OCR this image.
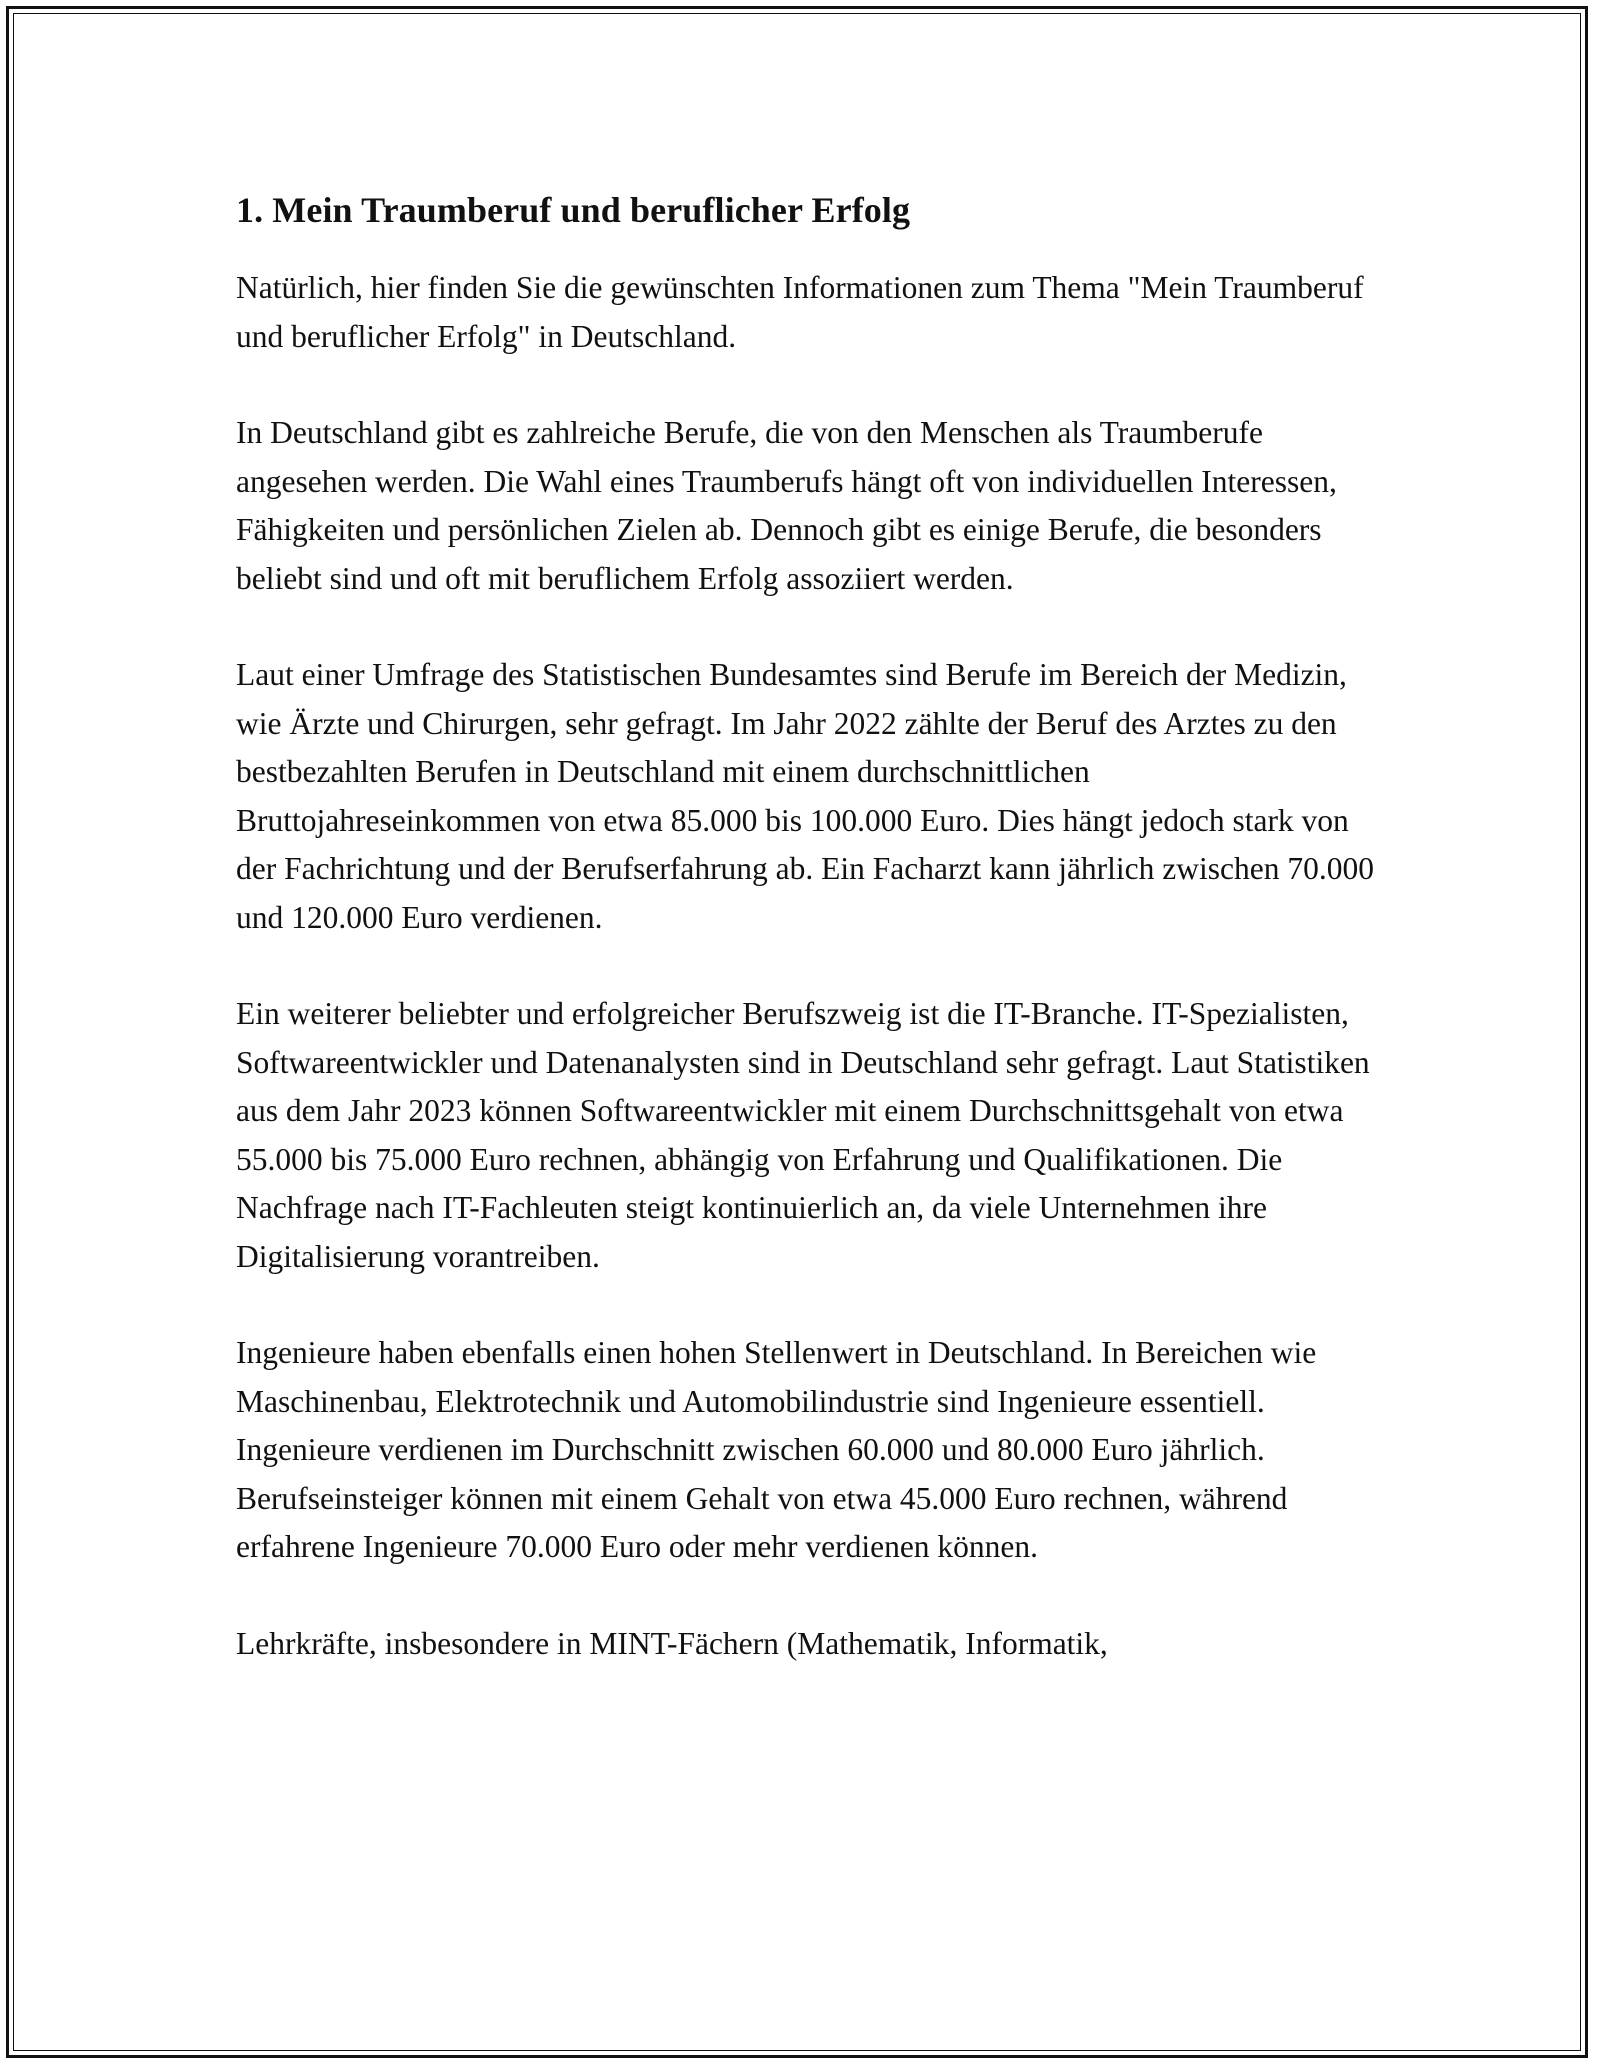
1. Mein Traumberuf und beruflicher Erfolg

Natürlich, hier finden Sie die gewünschten Informationen zum Thema "Mein Traumberuf und beruflicher Erfolg" in Deutschland.

In Deutschland gibt es zahlreiche Berufe, die von den Menschen als Traumberufe angesehen werden. Die Wahl eines Traumberufs hängt oft von individuellen Interessen, Fähigkeiten und persönlichen Zielen ab. Dennoch gibt es einige Berufe, die besonders beliebt sind und oft mit beruflichem Erfolg assoziiert werden.

Laut einer Umfrage des Statistischen Bundesamtes sind Berufe im Bereich der Medizin, wie Ärzte und Chirurgen, sehr gefragt. Im Jahr 2022 zählte der Beruf des Arztes zu den bestbezahlten Berufen in Deutschland mit einem durchschnittlichen Bruttojahreseinkommen von etwa 85.000 bis 100.000 Euro. Dies hängt jedoch stark von der Fachrichtung und der Berufserfahrung ab. Ein Facharzt kann jährlich zwischen 70.000 und 120.000 Euro verdienen.

Ein weiterer beliebter und erfolgreicher Berufszweig ist die IT-Branche. IT-Spezialisten, Softwareentwickler und Datenanalysten sind in Deutschland sehr gefragt. Laut Statistiken aus dem Jahr 2023 können Softwareentwickler mit einem Durchschnittsgehalt von etwa 55.000 bis 75.000 Euro rechnen, abhängig von Erfahrung und Qualifikationen. Die Nachfrage nach IT-Fachleuten steigt kontinuierlich an, da viele Unternehmen ihre Digitalisierung vorantreiben.

Ingenieure haben ebenfalls einen hohen Stellenwert in Deutschland. In Bereichen wie Maschinenbau, Elektrotechnik und Automobilindustrie sind Ingenieure essentiell. Ingenieure verdienen im Durchschnitt zwischen 60.000 und 80.000 Euro jährlich. Berufseinsteiger können mit einem Gehalt von etwa 45.000 Euro rechnen, während erfahrene Ingenieure 70.000 Euro oder mehr verdienen können.

Lehrkräfte, insbesondere in MINT-Fächern (Mathematik, Informatik,
